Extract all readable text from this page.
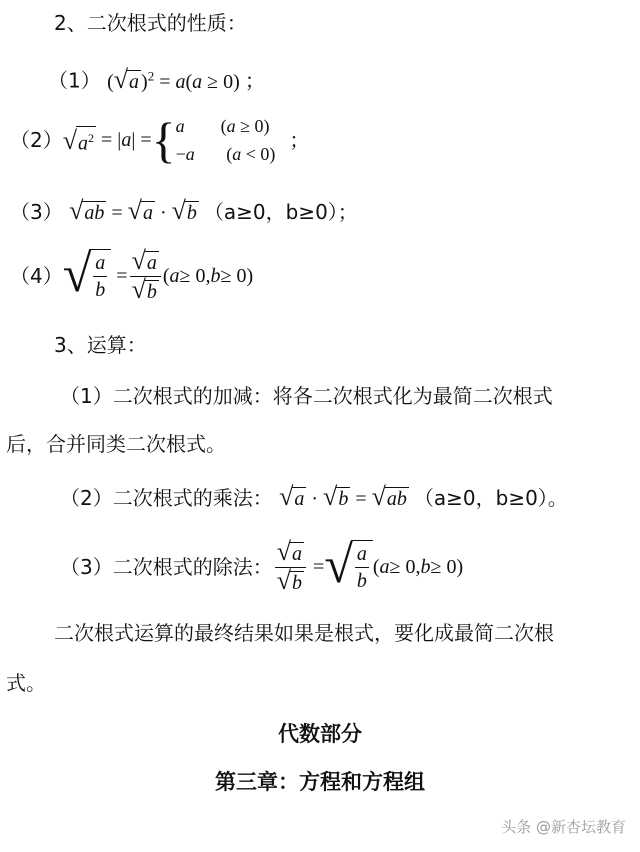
2、二次根式的性质：
（1） ( √ a )$^2$ = a(a ≥ 0) ；
（2） √ $a^2$ = | a | = { a        (a ≥ 0)
−a       (a < 0)
；
（3） √ ab = √ a · √ b （a≥0，b≥0）；
（4） √ $\frac{a}{b} = \frac{√ a}{√ b}$ ( a ≥ 0, b ≥ 0)
3、运算：
（1）二次根式的加减：将各二次根式化为最简二次根式
后，合并同类二次根式。
（2）二次根式的乘法： √ a · √ b = √ ab （a≥0，b≥0）。
（3）二次根式的除法： $\frac{√ a}{√ b}$ = √ $\frac{a}{b}$ ( a ≥ 0, b ≥ 0)
二次根式运算的最终结果如果是根式，要化成最简二次根
式。
代数部分
第三章：方程和方程组
头条 @新杏坛教育
